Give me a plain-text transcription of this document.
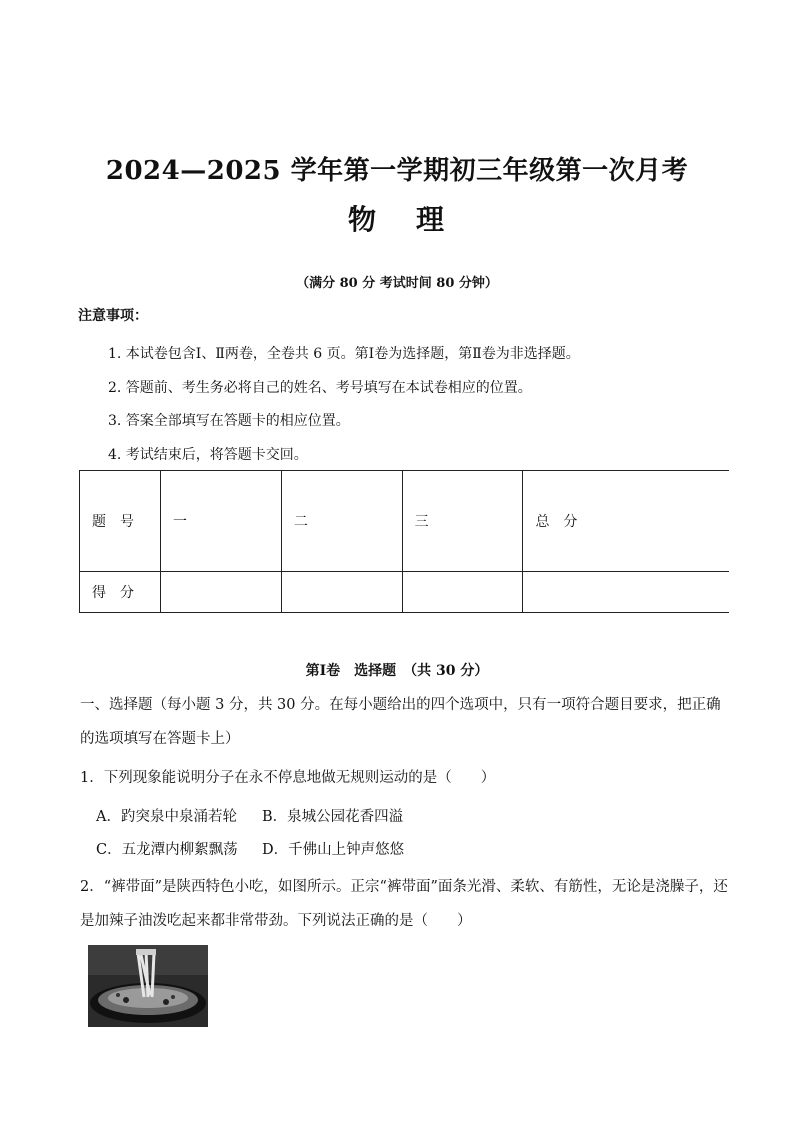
2024—2025 学年第一学期初三年级第一次月考
物 理
（满分 80 分 考试时间 80 分钟）
注意事项：
1. 本试卷包含Ⅰ、Ⅱ两卷，全卷共 6 页。第Ⅰ卷为选择题，第Ⅱ卷为非选择题。
2. 答题前、考生务必将自己的姓名、考号填写在本试卷相应的位置。
3. 答案全部填写在答题卡的相应位置。
4. 考试结束后，将答题卡交回。
题　号	一	二	三	总　分
得　分				
第Ⅰ卷　选择题　（共 30 分）
一、选择题（每小题 3 分，共 30 分。在每小题给出的四个选项中，只有一项符合题目要求，把正确的选项填写在答题卡上）
1．下列现象能说明分子在永不停息地做无规则运动的是（　　）
A．趵突泉中泉涌若轮 B．泉城公园花香四溢
C．五龙潭内柳絮飘荡 D．千佛山上钟声悠悠
2．“裤带面”是陕西特色小吃，如图所示。正宗“裤带面”面条光滑、柔软、有筋性，无论是浇臊子，还是加辣子油泼吃起来都非常带劲。下列说法正确的是（　　）
